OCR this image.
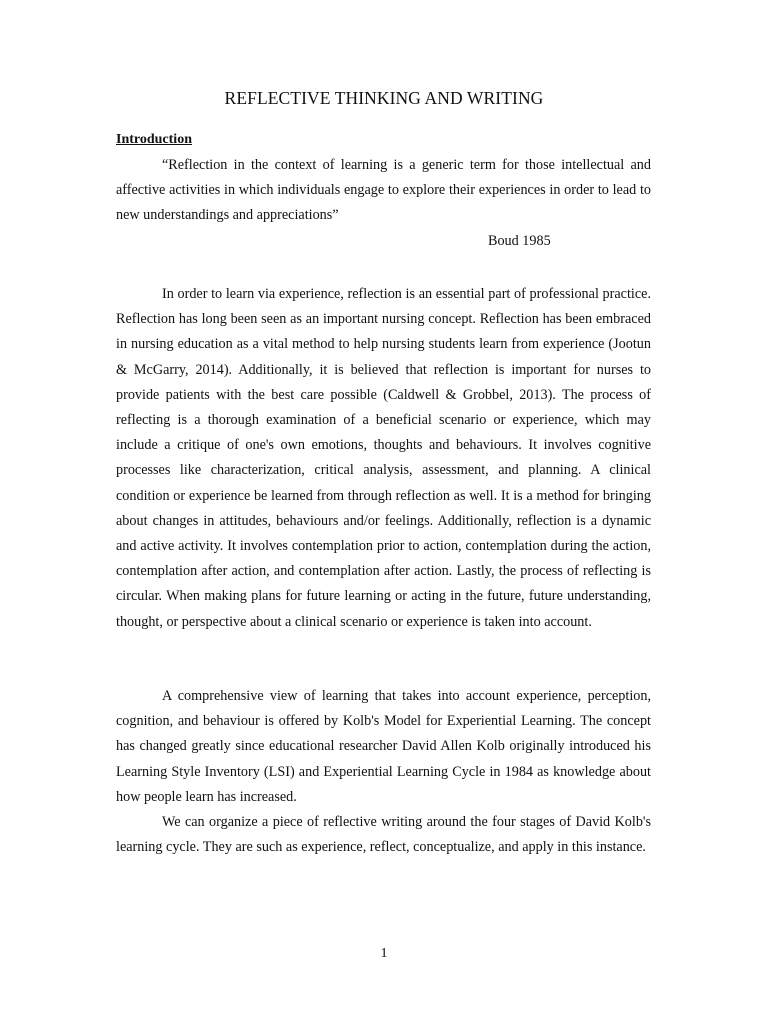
REFLECTIVE THINKING AND WRITING
Introduction

“Reflection in the context of learning is a generic term for those intellectual and affective activities in which individuals engage to explore their experiences in order to lead to new understandings and appreciations”

Boud 1985

In order to learn via experience, reflection is an essential part of professional practice. Reflection has long been seen as an important nursing concept. Reflection has been embraced in nursing education as a vital method to help nursing students learn from experience (Jootun & McGarry, 2014). Additionally, it is believed that reflection is important for nurses to provide patients with the best care possible (Caldwell & Grobbel, 2013). The process of reflecting is a thorough examination of a beneficial scenario or experience, which may include a critique of one's own emotions, thoughts and behaviours. It involves cognitive processes like characterization, critical analysis, assessment, and planning. A clinical condition or experience be learned from through reflection as well. It is a method for bringing about changes in attitudes, behaviours and/or feelings. Additionally, reflection is a dynamic and active activity. It involves contemplation prior to action, contemplation during the action, contemplation after action, and contemplation after action. Lastly, the process of reflecting is circular. When making plans for future learning or acting in the future, future understanding, thought, or perspective about a clinical scenario or experience is taken into account.

A comprehensive view of learning that takes into account experience, perception, cognition, and behaviour is offered by Kolb's Model for Experiential Learning. The concept has changed greatly since educational researcher David Allen Kolb originally introduced his Learning Style Inventory (LSI) and Experiential Learning Cycle in 1984 as knowledge about how people learn has increased.

We can organize a piece of reflective writing around the four stages of David Kolb's learning cycle. They are such as experience, reflect, conceptualize, and apply in this instance.

1
